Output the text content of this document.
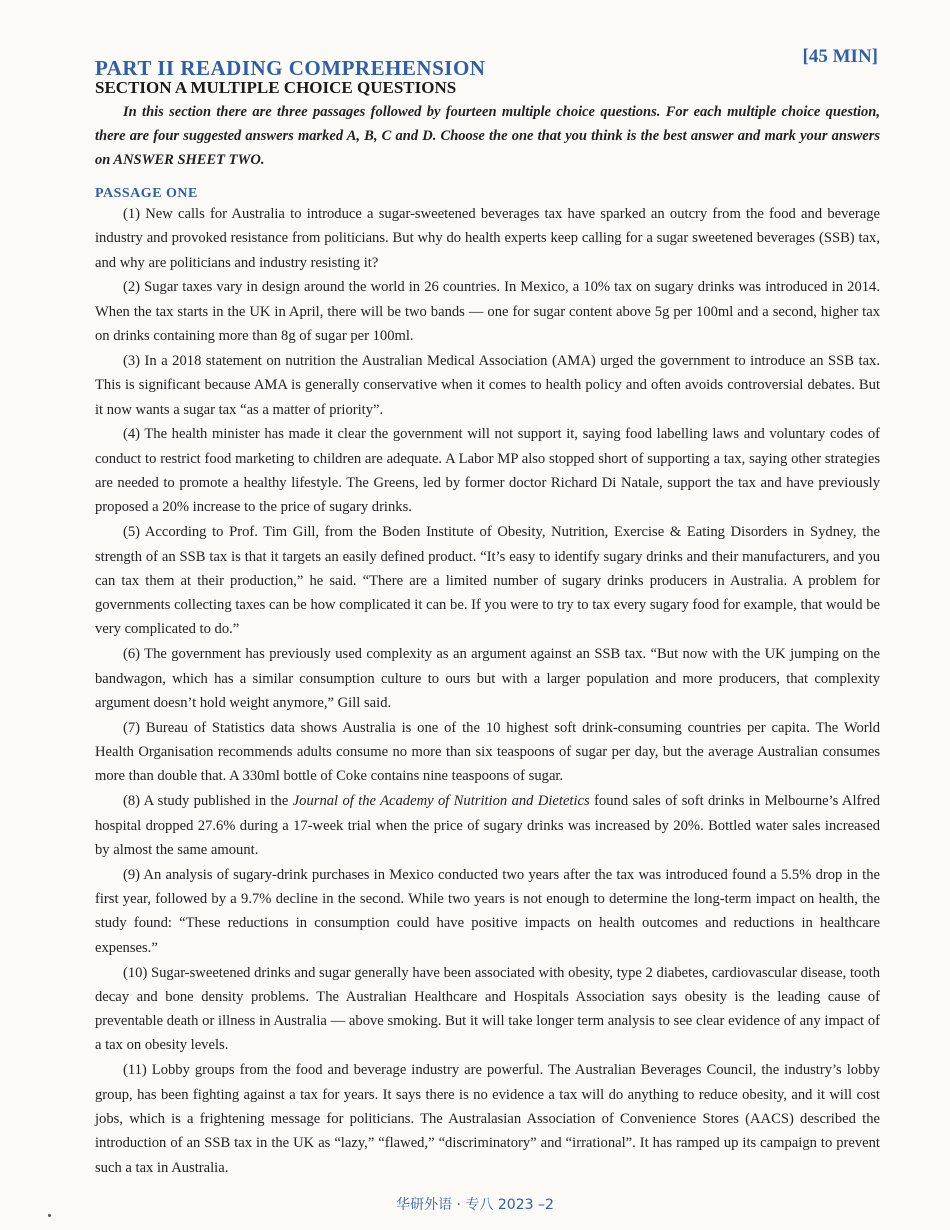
PART II READING COMPREHENSION	[45 MIN]
SECTION A MULTIPLE CHOICE QUESTIONS
In this section there are three passages followed by fourteen multiple choice questions. For each multiple choice question, there are four suggested answers marked A, B, C and D. Choose the one that you think is the best answer and mark your answers on ANSWER SHEET TWO.
PASSAGE ONE

(1) New calls for Australia to introduce a sugar-sweetened beverages tax have sparked an outcry from the food and beverage industry and provoked resistance from politicians. But why do health experts keep calling for a sugar sweetened beverages (SSB) tax, and why are politicians and industry resisting it?

(2) Sugar taxes vary in design around the world in 26 countries. In Mexico, a 10% tax on sugary drinks was introduced in 2014. When the tax starts in the UK in April, there will be two bands — one for sugar content above 5g per 100ml and a second, higher tax on drinks containing more than 8g of sugar per 100ml.

(3) In a 2018 statement on nutrition the Australian Medical Association (AMA) urged the government to introduce an SSB tax. This is significant because AMA is generally conservative when it comes to health policy and often avoids controversial debates. But it now wants a sugar tax “as a matter of priority”.

(4) The health minister has made it clear the government will not support it, saying food labelling laws and voluntary codes of conduct to restrict food marketing to children are adequate. A Labor MP also stopped short of supporting a tax, saying other strategies are needed to promote a healthy lifestyle. The Greens, led by former doctor Richard Di Natale, support the tax and have previously proposed a 20% increase to the price of sugary drinks.

(5) According to Prof. Tim Gill, from the Boden Institute of Obesity, Nutrition, Exercise & Eating Disorders in Sydney, the strength of an SSB tax is that it targets an easily defined product. “It’s easy to identify sugary drinks and their manufacturers, and you can tax them at their production,” he said. “There are a limited number of sugary drinks producers in Australia. A problem for governments collecting taxes can be how complicated it can be. If you were to try to tax every sugary food for example, that would be very complicated to do.”

(6) The government has previously used complexity as an argument against an SSB tax. “But now with the UK jumping on the bandwagon, which has a similar consumption culture to ours but with a larger population and more producers, that complexity argument doesn’t hold weight anymore,” Gill said.

(7) Bureau of Statistics data shows Australia is one of the 10 highest soft drink-consuming countries per capita. The World Health Organisation recommends adults consume no more than six teaspoons of sugar per day, but the average Australian consumes more than double that. A 330ml bottle of Coke contains nine teaspoons of sugar.

(8) A study published in the Journal of the Academy of Nutrition and Dietetics found sales of soft drinks in Melbourne’s Alfred hospital dropped 27.6% during a 17-week trial when the price of sugary drinks was increased by 20%. Bottled water sales increased by almost the same amount.

(9) An analysis of sugary-drink purchases in Mexico conducted two years after the tax was introduced found a 5.5% drop in the first year, followed by a 9.7% decline in the second. While two years is not enough to determine the long-term impact on health, the study found: “These reductions in consumption could have positive impacts on health outcomes and reductions in healthcare expenses.”

(10) Sugar-sweetened drinks and sugar generally have been associated with obesity, type 2 diabetes, cardiovascular disease, tooth decay and bone density problems. The Australian Healthcare and Hospitals Association says obesity is the leading cause of preventable death or illness in Australia — above smoking. But it will take longer term analysis to see clear evidence of any impact of a tax on obesity levels.

(11) Lobby groups from the food and beverage industry are powerful. The Australian Beverages Council, the industry’s lobby group, has been fighting against a tax for years. It says there is no evidence a tax will do anything to reduce obesity, and it will cost jobs, which is a frightening message for politicians. The Australasian Association of Convenience Stores (AACS) described the introduction of an SSB tax in the UK as “lazy,” “flawed,” “discriminatory” and “irrational”. It has ramped up its campaign to prevent such a tax in Australia.

华研外语 · 专八 2023 –2
